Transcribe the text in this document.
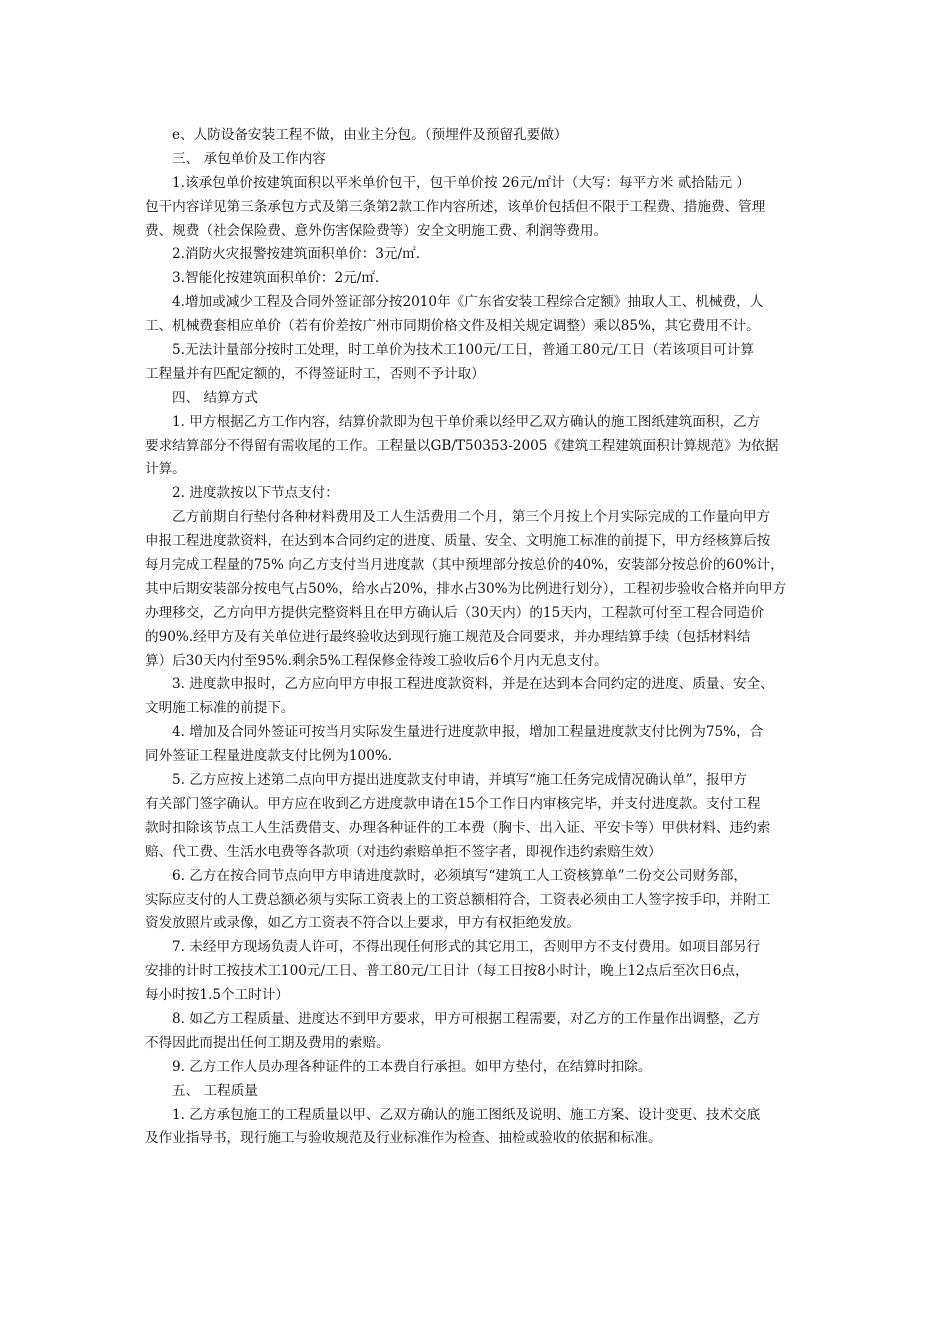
e、人防设备安装工程不做，由业主分包。（预埋件及预留孔要做）
三、 承包单价及工作内容
1.该承包单价按建筑面积以平米单价包干，包干单价按 26元/㎡计（大写：每平方米 贰拾陆元 ）
包干内容详见第三条承包方式及第三条第2款工作内容所述，该单价包括但不限于工程费、措施费、管理
费、规费（社会保险费、意外伤害保险费等）安全文明施工费、利润等费用。
2.消防火灾报警按建筑面积单价：3元/㎡.
3.智能化按建筑面积单价：2元/㎡.
4.增加或减少工程及合同外签证部分按2010年《广东省安装工程综合定额》抽取人工、机械费，人
工、机械费套相应单价（若有价差按广州市同期价格文件及相关规定调整）乘以85%，其它费用不计。
5.无法计量部分按时工处理，时工单价为技术工100元/工日，普通工80元/工日（若该项目可计算
工程量并有匹配定额的，不得签证时工，否则不予计取）
四、 结算方式
1. 甲方根据乙方工作内容，结算价款即为包干单价乘以经甲乙双方确认的施工图纸建筑面积，乙方
要求结算部分不得留有需收尾的工作。工程量以GB/T50353-2005《建筑工程建筑面积计算规范》为依据
计算。
2. 进度款按以下节点支付：
乙方前期自行垫付各种材料费用及工人生活费用二个月，第三个月按上个月实际完成的工作量向甲方
申报工程进度款资料，在达到本合同约定的进度、质量、安全、文明施工标准的前提下，甲方经核算后按
每月完成工程量的75% 向乙方支付当月进度款（其中预埋部分按总价的40%，安装部分按总价的60%计，
其中后期安装部分按电气占50%，给水占20%，排水占30%为比例进行划分），工程初步验收合格并向甲方
办理移交，乙方向甲方提供完整资料且在甲方确认后（30天内）的15天内，工程款可付至工程合同造价
的90%.经甲方及有关单位进行最终验收达到现行施工规范及合同要求，并办理结算手续（包括材料结
算）后30天内付至95%.剩余5%工程保修金待竣工验收后6个月内无息支付。
3. 进度款申报时，乙方应向甲方申报工程进度款资料，并是在达到本合同约定的进度、质量、安全、
文明施工标准的前提下。
4. 增加及合同外签证可按当月实际发生量进行进度款申报，增加工程量进度款支付比例为75%，合
同外签证工程量进度款支付比例为100%.
5. 乙方应按上述第二点向甲方提出进度款支付申请，并填写“施工任务完成情况确认单”，报甲方
有关部门签字确认。甲方应在收到乙方进度款申请在15个工作日内审核完毕，并支付进度款。支付工程
款时扣除该节点工人生活费借支、办理各种证件的工本费（胸卡、出入证、平安卡等）甲供材料、违约索
赔、代工费、生活水电费等各款项（对违约索赔单拒不签字者，即视作违约索赔生效）
6. 乙方在按合同节点向甲方申请进度款时，必须填写“建筑工人工资核算单”二份交公司财务部，
实际应支付的人工费总额必须与实际工资表上的工资总额相符合，工资表必须由工人签字按手印，并附工
资发放照片或录像，如乙方工资表不符合以上要求，甲方有权拒绝发放。
7. 未经甲方现场负责人许可，不得出现任何形式的其它用工，否则甲方不支付费用。如项目部另行
安排的计时工按技术工100元/工日、普工80元/工日计（每工日按8小时计，晚上12点后至次日6点，
每小时按1.5个工时计）
8. 如乙方工程质量、进度达不到甲方要求，甲方可根据工程需要，对乙方的工作量作出调整，乙方
不得因此而提出任何工期及费用的索赔。
9. 乙方工作人员办理各种证件的工本费自行承担。如甲方垫付，在结算时扣除。
五、 工程质量
1. 乙方承包施工的工程质量以甲、乙双方确认的施工图纸及说明、施工方案、设计变更、技术交底
及作业指导书，现行施工与验收规范及行业标准作为检查、抽检或验收的依据和标准。
